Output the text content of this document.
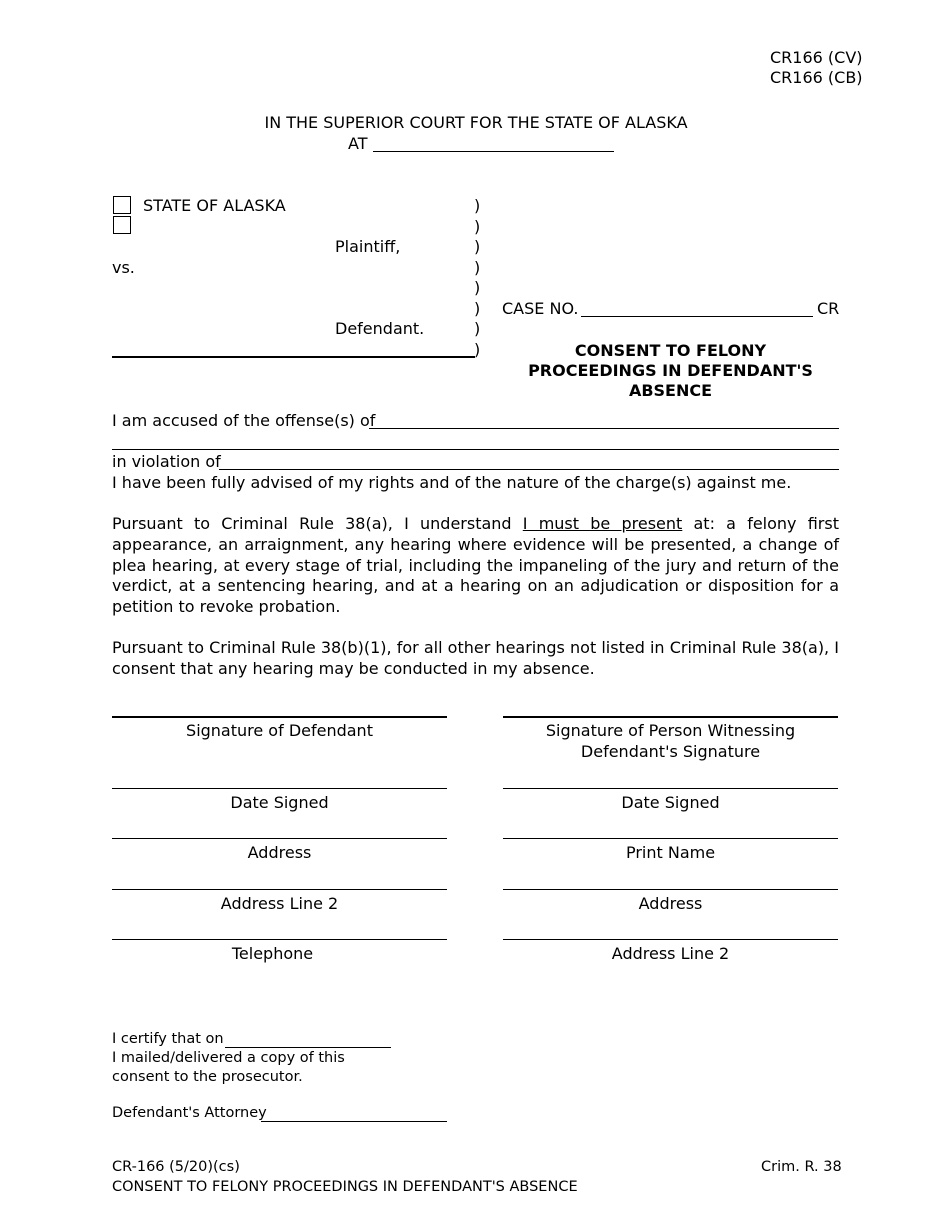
CR166 (CV)
CR166 (CB)
IN THE SUPERIOR COURT FOR THE STATE OF ALASKA
AT
STATE OF ALASKA
Plaintiff,
vs.
Defendant.
)
)
)
)
)
)
)
)
CASE NO.	CR
CONSENT TO FELONY
PROCEEDINGS IN DEFENDANT'S
ABSENCE
I am accused of the offense(s) of
in violation of
I have been fully advised of my rights and of the nature of the charge(s) against me.
Pursuant to Criminal Rule 38(a), I understand I must be present at: a felony first appearance, an arraignment, any hearing where evidence will be presented, a change of plea hearing, at every stage of trial, including the impaneling of the jury and return of the verdict, at a sentencing hearing, and at a hearing on an adjudication or disposition for a petition to revoke probation.
Pursuant to Criminal Rule 38(b)(1), for all other hearings not listed in Criminal Rule 38(a), I consent that any hearing may be conducted in my absence.
Signature of Defendant
Date Signed
Address
Address Line 2
Telephone
Signature of Person Witnessing Defendant's Signature
Date Signed
Print Name
Address
Address Line 2
I certify that on
I mailed/delivered a copy of this
consent to the prosecutor.
Defendant's Attorney
CR-166 (5/20)(cs)
CONSENT TO FELONY PROCEEDINGS IN DEFENDANT'S ABSENCE
Crim. R. 38
